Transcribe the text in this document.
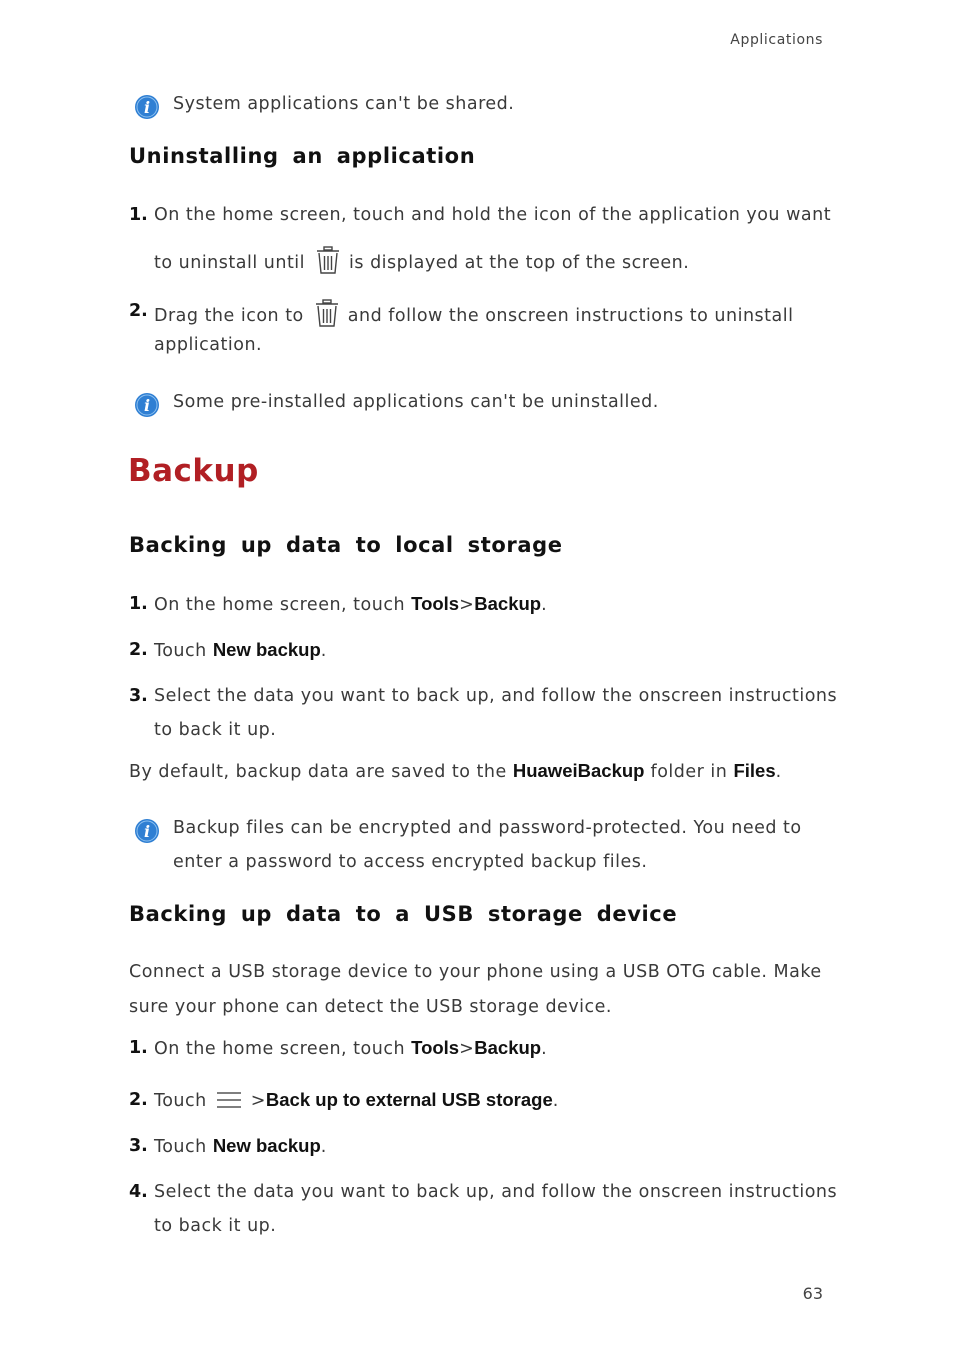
Applications
i System applications can't be shared.
Uninstalling an application
1. On the home screen, touch and hold the icon of the application you want
to uninstall until	is displayed at the top of the screen.
2. Drag the icon to	and follow the onscreen instructions to uninstall
application.
i Some pre-installed applications can't be uninstalled.
Backup
Backing up data to local storage
1. On the home screen, touch Tools>Backup.
2. Touch New backup.
3. Select the data you want to back up, and follow the onscreen instructions
to back it up.
By default, backup data are saved to the HuaweiBackup folder in Files.
i Backup files can be encrypted and password-protected. You need to
enter a password to access encrypted backup files.
Backing up data to a USB storage device
Connect a USB storage device to your phone using a USB OTG cable. Make
sure your phone can detect the USB storage device.
1. On the home screen, touch Tools>Backup.
2. Touch	>Back up to external USB storage.
3. Touch New backup.
4. Select the data you want to back up, and follow the onscreen instructions
to back it up.
63
